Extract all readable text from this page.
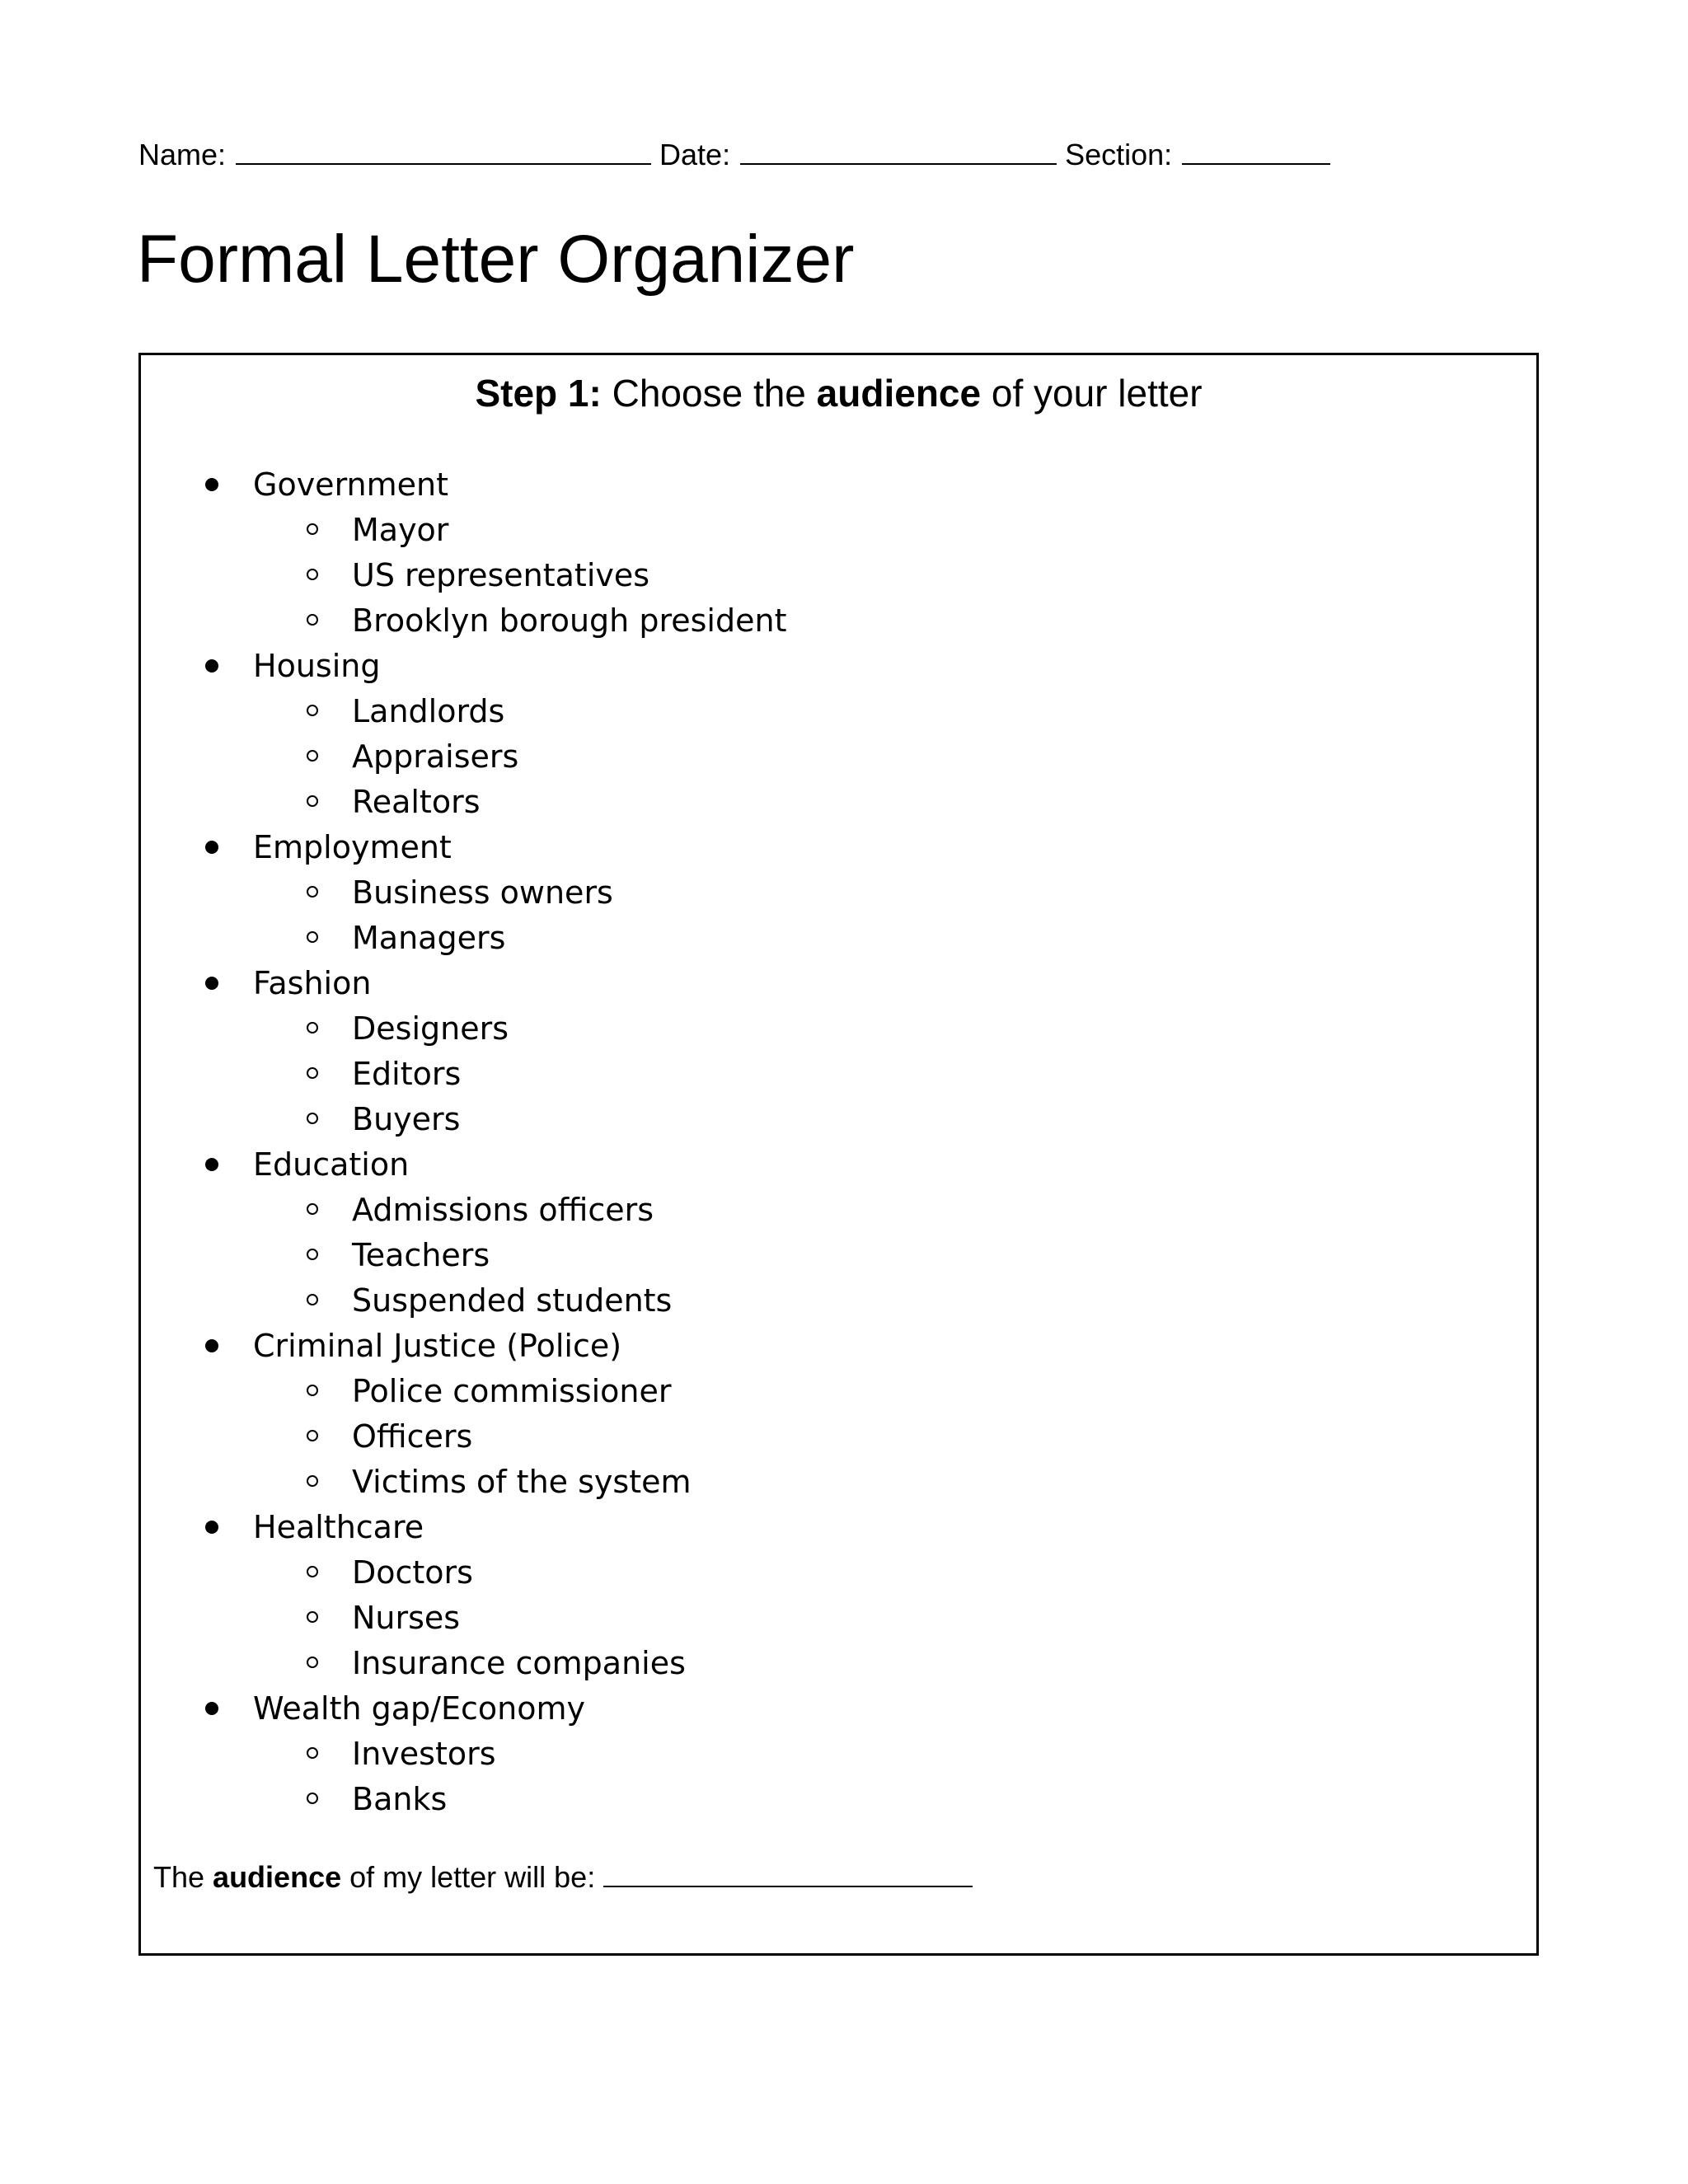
Name:	Date:	Section:
Formal Letter Organizer
Step 1: Choose the audience of your letter
Government
Mayor
US representatives
Brooklyn borough president
Housing
Landlords
Appraisers
Realtors
Employment
Business owners
Managers
Fashion
Designers
Editors
Buyers
Education
Admissions officers
Teachers
Suspended students
Criminal Justice (Police)
Police commissioner
Officers
Victims of the system
Healthcare
Doctors
Nurses
Insurance companies
Wealth gap/Economy
Investors
Banks
The audience of my letter will be:
